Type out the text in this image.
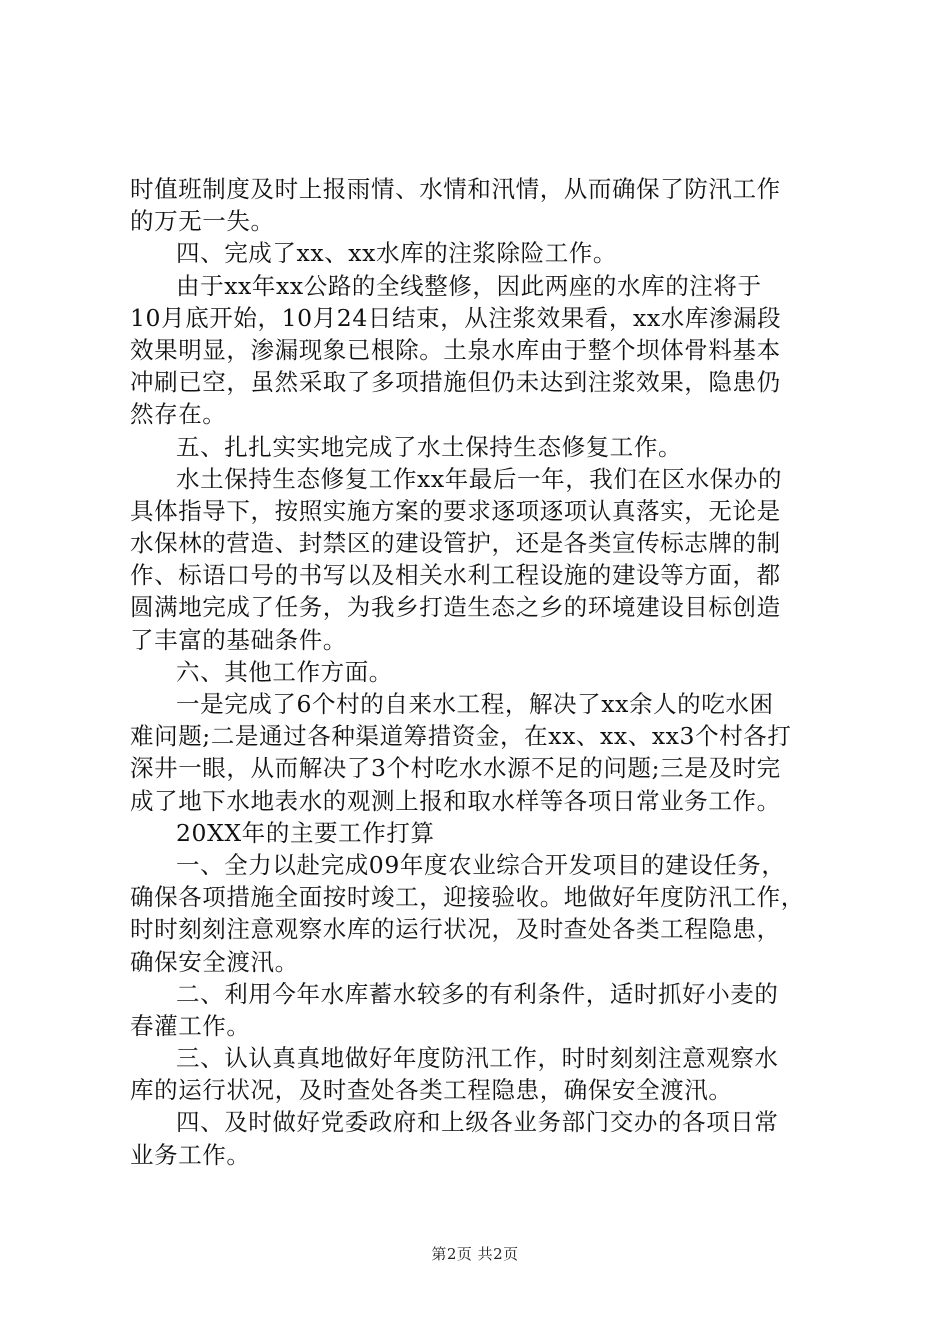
时值班制度及时上报雨情、水情和汛情，从而确保了防汛工作
的万无一失。
四、完成了xx、xx水库的注浆除险工作。
由于xx年xx公路的全线整修，因此两座的水库的注将于
10月底开始，10月24日结束，从注浆效果看，xx水库渗漏段
效果明显，渗漏现象已根除。土泉水库由于整个坝体骨料基本
冲刷已空，虽然采取了多项措施但仍未达到注浆效果，隐患仍
然存在。
五、扎扎实实地完成了水土保持生态修复工作。
水土保持生态修复工作xx年最后一年，我们在区水保办的
具体指导下，按照实施方案的要求逐项逐项认真落实，无论是
水保林的营造、封禁区的建设管护，还是各类宣传标志牌的制
作、标语口号的书写以及相关水利工程设施的建设等方面，都
圆满地完成了任务，为我乡打造生态之乡的环境建设目标创造
了丰富的基础条件。
六、其他工作方面。
一是完成了6个村的自来水工程，解决了xx余人的吃水困
难问题;二是通过各种渠道筹措资金，在xx、xx、xx3个村各打
深井一眼，从而解决了3个村吃水水源不足的问题;三是及时完
成了地下水地表水的观测上报和取水样等各项日常业务工作。
20XX年的主要工作打算
一、全力以赴完成09年度农业综合开发项目的建设任务，
确保各项措施全面按时竣工，迎接验收。地做好年度防汛工作，
时时刻刻注意观察水库的运行状况，及时查处各类工程隐患，
确保安全渡汛。
二、利用今年水库蓄水较多的有利条件，适时抓好小麦的
春灌工作。
三、认认真真地做好年度防汛工作，时时刻刻注意观察水
库的运行状况，及时查处各类工程隐患，确保安全渡汛。
四、及时做好党委政府和上级各业务部门交办的各项日常
业务工作。
第2页 共2页
